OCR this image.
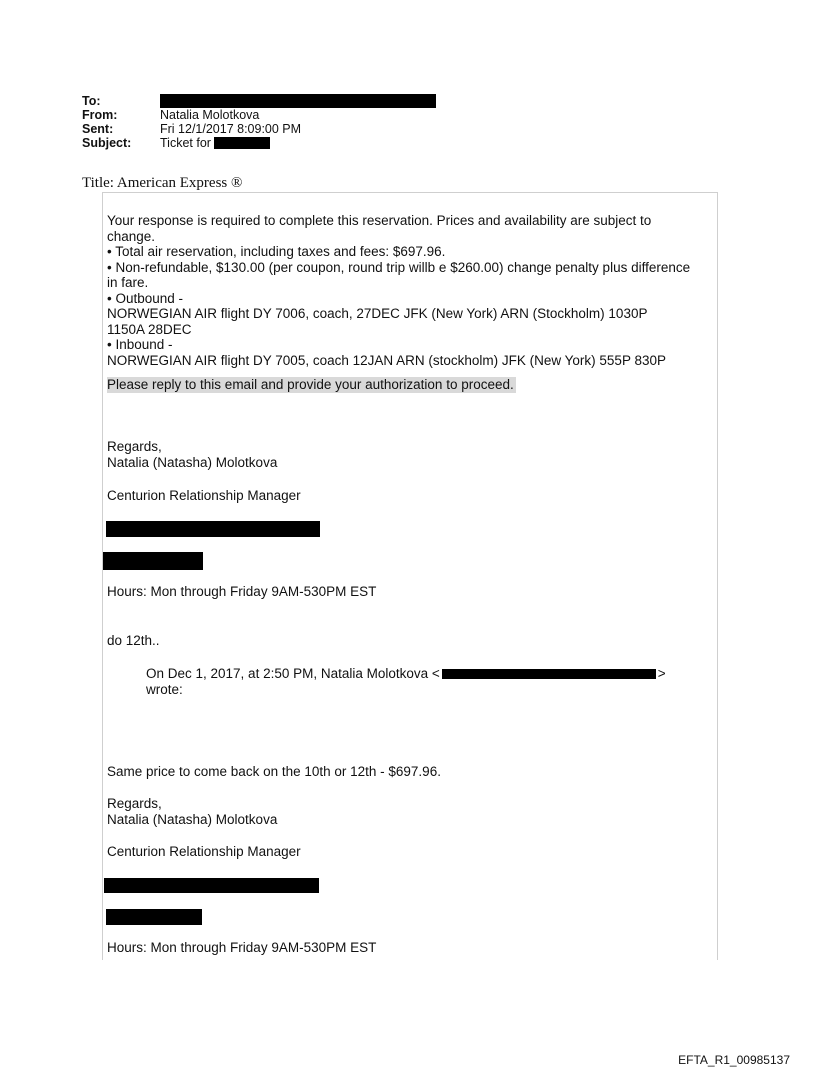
To:
From:	Natalia Molotkova
Sent:	Fri 12/1/2017 8:09:00 PM
Subject:	Ticket for
Title: American Express ®

Your response is required to complete this reservation. Prices and availability are subject to

change.

• Total air reservation, including taxes and fees: $697.96.

• Non-refundable, $130.00 (per coupon, round trip willb e $260.00) change penalty plus difference

in fare.

• Outbound -

NORWEGIAN AIR flight DY 7006, coach, 27DEC JFK (New York) ARN (Stockholm) 1030P

1150A 28DEC

• Inbound -

NORWEGIAN AIR flight DY 7005, coach 12JAN ARN (stockholm) JFK (New York) 555P 830P

Please reply to this email and provide your authorization to proceed.

Regards,
Natalia (Natasha) Molotkova
Centurion Relationship Manager
Hours: Mon through Friday 9AM-530PM EST
do 12th..
On Dec 1, 2017, at 2:50 PM, Natalia Molotkova <	>
wrote:
Same price to come back on the 10th or 12th - $697.96.
Regards,
Natalia (Natasha) Molotkova
Centurion Relationship Manager
Hours: Mon through Friday 9AM-530PM EST
EFTA_R1_00985137
